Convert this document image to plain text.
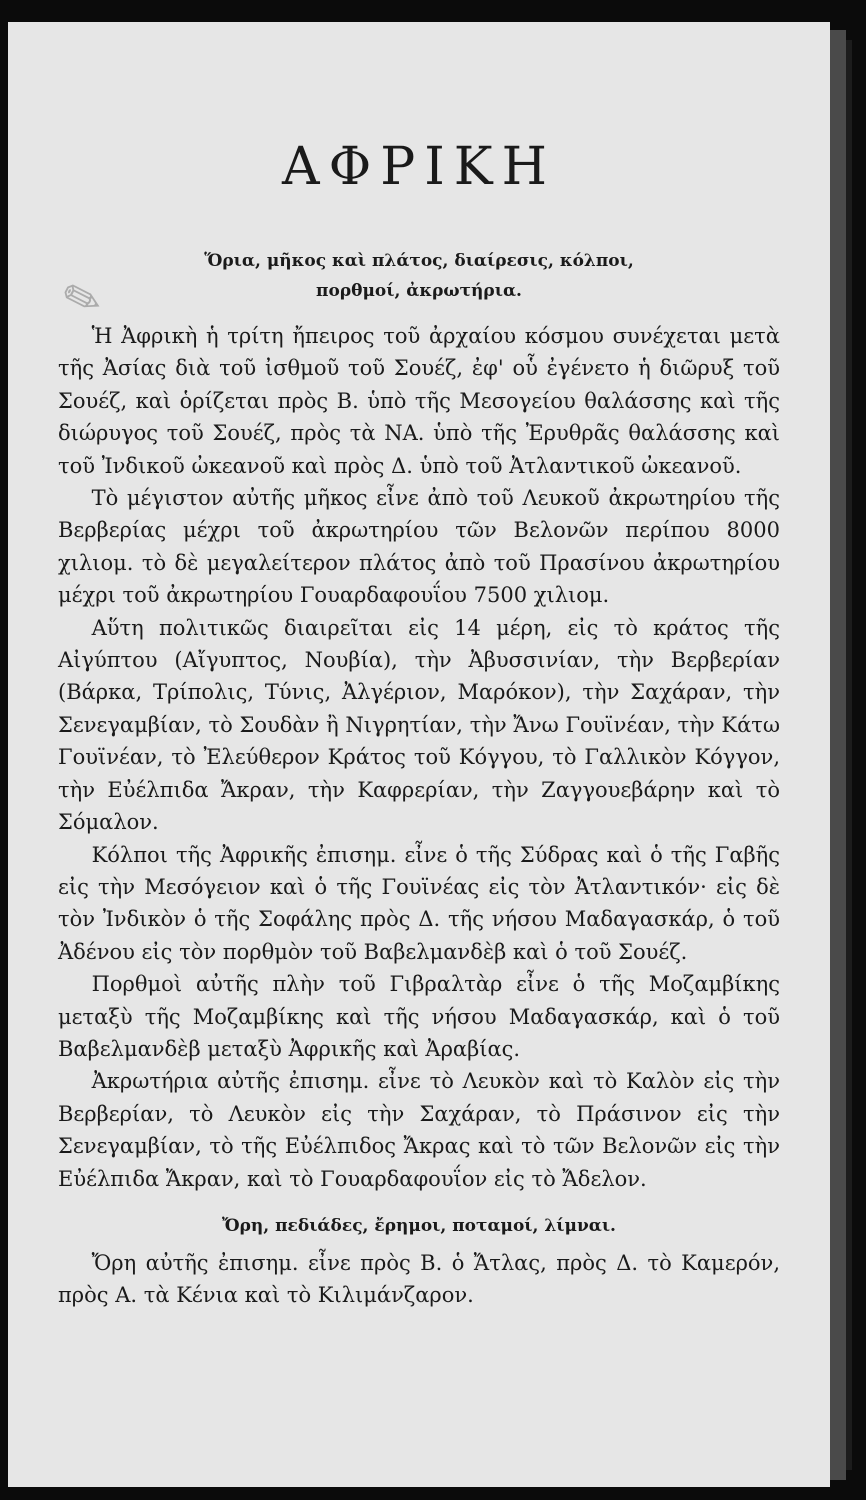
✎
ΑΦΡΙΚΗ

Ὅρια, μῆκος καὶ πλάτος, διαίρεσις, κόλποι,

πορθμοί, ἀκρωτήρια.

Ἡ Ἀφρικὴ ἡ τρίτη ἤπειρος τοῦ ἀρχαίου κόσμου συνέχεται μετὰ τῆς Ἀσίας διὰ τοῦ ἰσθμοῦ τοῦ Σουέζ, ἐφ' οὗ ἐγένετο ἡ διῶρυξ τοῦ Σουέζ, καὶ ὁρίζεται πρὸς Β. ὑπὸ τῆς Μεσογείου θαλάσσης καὶ τῆς διώρυγος τοῦ Σουέζ, πρὸς τὰ ΝΑ. ὑπὸ τῆς Ἐρυθρᾶς θαλάσσης καὶ τοῦ Ἰνδικοῦ ὠκεανοῦ καὶ πρὸς Δ. ὑπὸ τοῦ Ἀτλαντικοῦ ὠκεανοῦ.

Τὸ μέγιστον αὐτῆς μῆκος εἶνε ἀπὸ τοῦ Λευκοῦ ἀκρωτηρίου τῆς Βερβερίας μέχρι τοῦ ἀκρωτηρίου τῶν Βελονῶν περίπου 8000 χιλιομ. τὸ δὲ μεγαλείτερον πλάτος ἀπὸ τοῦ Πρασίνου ἀκρωτηρίου μέχρι τοῦ ἀκρωτηρίου Γουαρδαφουΐου 7500 χιλιομ.

Αὕτη πολιτικῶς διαιρεῖται εἰς 14 μέρη, εἰς τὸ κράτος τῆς Αἰγύπτου (Αἴγυπτος, Νουβία), τὴν Ἀβυσσινίαν, τὴν Βερβερίαν (Βάρκα, Τρίπολις, Τύνις, Ἀλγέριον, Μαρόκον), τὴν Σαχάραν, τὴν Σενεγαμβίαν, τὸ Σουδὰν ἢ Νιγρητίαν, τὴν Ἄνω Γουϊνέαν, τὴν Κάτω Γουϊνέαν, τὸ Ἐλεύθερον Κράτος τοῦ Κόγγου, τὸ Γαλλικὸν Κόγγον, τὴν Εὐέλπιδα Ἄκραν, τὴν Καφρερίαν, τὴν Ζαγγουεβάρην καὶ τὸ Σόμαλον.

Κόλποι τῆς Ἀφρικῆς ἐπισημ. εἶνε ὁ τῆς Σύδρας καὶ ὁ τῆς Γαβῆς εἰς τὴν Μεσόγειον καὶ ὁ τῆς Γουϊνέας εἰς τὸν Ἀτλαντικόν· εἰς δὲ τὸν Ἰνδικὸν ὁ τῆς Σοφάλης πρὸς Δ. τῆς νήσου Μαδαγασκάρ, ὁ τοῦ Ἀδένου εἰς τὸν πορθμὸν τοῦ Βαβελμανδὲβ καὶ ὁ τοῦ Σουέζ.

Πορθμοὶ αὐτῆς πλὴν τοῦ Γιβραλτὰρ εἶνε ὁ τῆς Μοζαμβίκης μεταξὺ τῆς Μοζαμβίκης καὶ τῆς νήσου Μαδαγασκάρ, καὶ ὁ τοῦ Βαβελμανδὲβ μεταξὺ Ἀφρικῆς καὶ Ἀραβίας.

Ἀκρωτήρια αὐτῆς ἐπισημ. εἶνε τὸ Λευκὸν καὶ τὸ Καλὸν εἰς τὴν Βερβερίαν, τὸ Λευκὸν εἰς τὴν Σαχάραν, τὸ Πράσινον εἰς τὴν Σενεγαμβίαν, τὸ τῆς Εὐέλπιδος Ἄκρας καὶ τὸ τῶν Βελονῶν εἰς τὴν Εὐέλπιδα Ἄκραν, καὶ τὸ Γουαρδαφουΐον εἰς τὸ Ἄδελον.

Ὄρη, πεδιάδες, ἔρημοι, ποταμοί, λίμναι.

Ὄρη αὐτῆς ἐπισημ. εἶνε πρὸς Β. ὁ Ἄτλας, πρὸς Δ. τὸ Καμερόν, πρὸς Α. τὰ Κένια καὶ τὸ Κιλιμάνζαρον.
